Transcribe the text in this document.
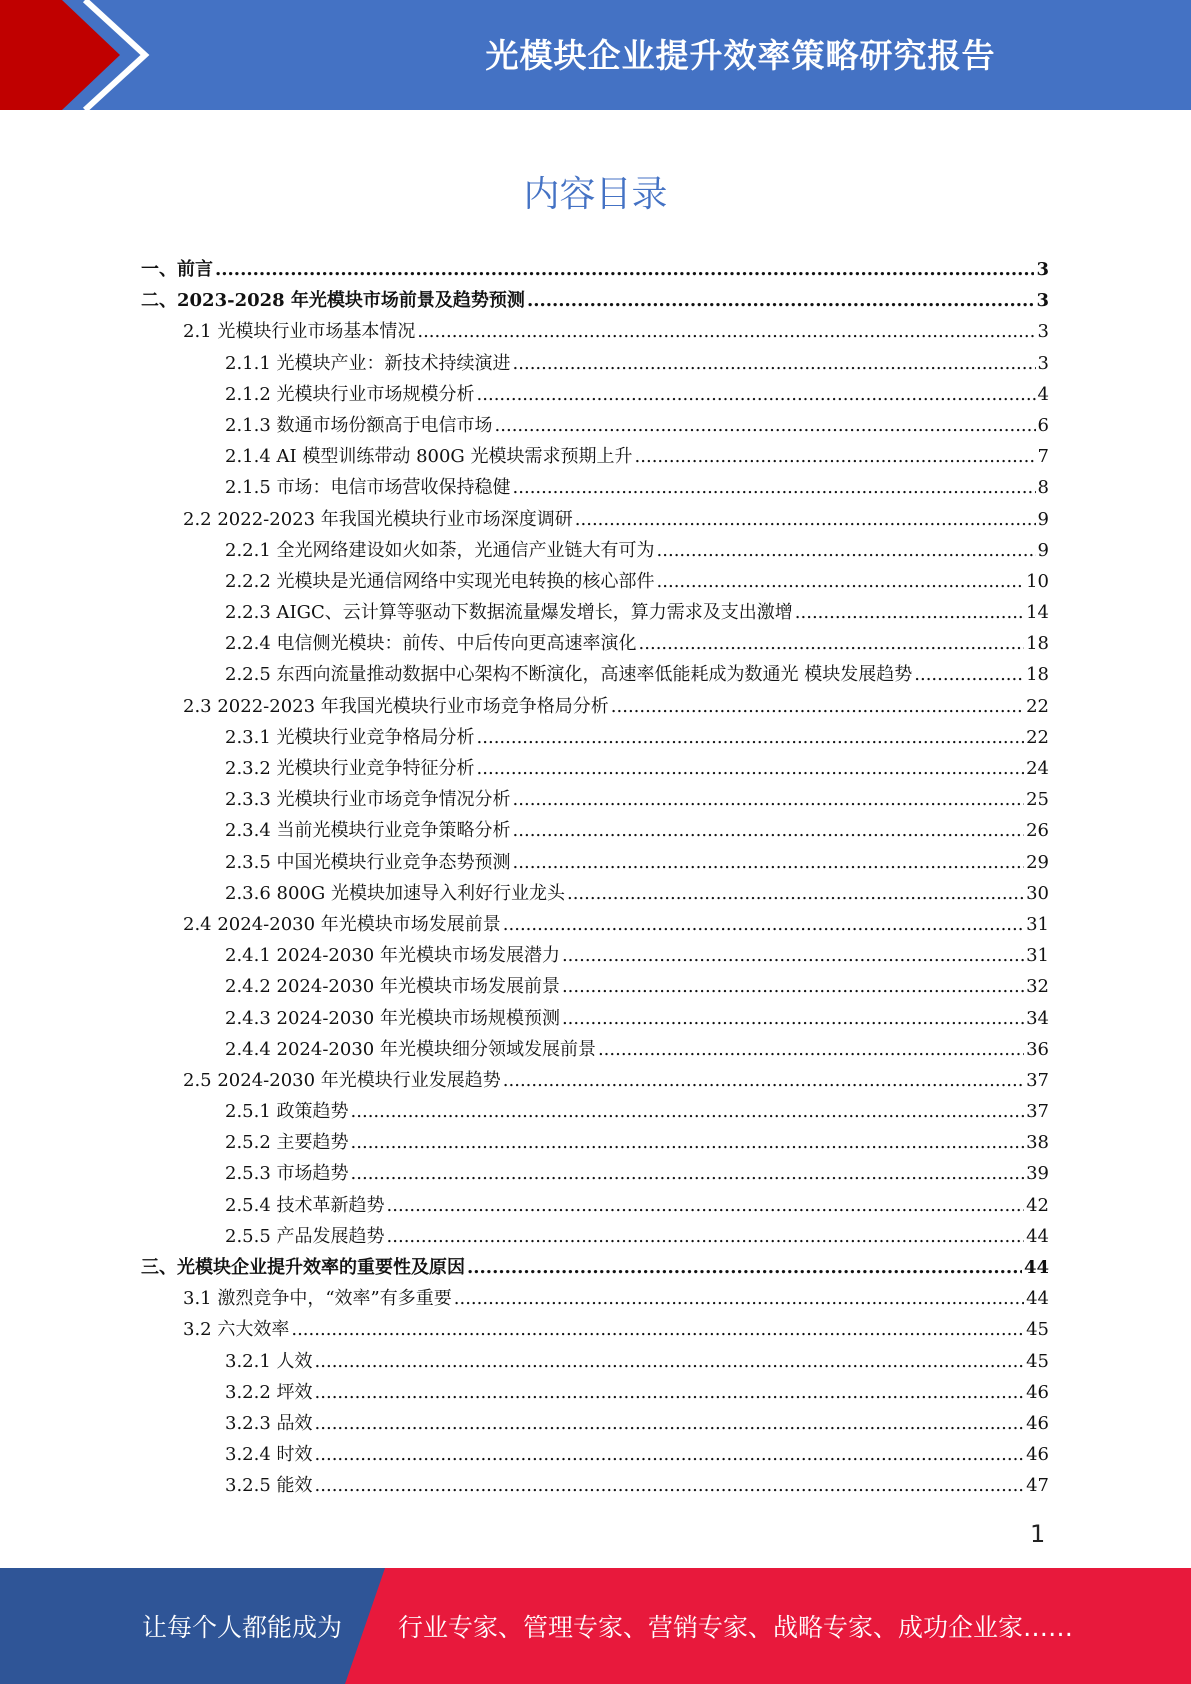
光模块企业提升效率策略研究报告
内容目录
一、前言 .....	3
二、2023-2028 年光模块市场前景及趋势预测 .....	3
2.1 光模块行业市场基本情况 .....	3
2.1.1 光模块产业：新技术持续演进 .....	3
2.1.2 光模块行业市场规模分析 .....	4
2.1.3 数通市场份额高于电信市场 .....	6
2.1.4 AI 模型训练带动 800G 光模块需求预期上升 .....	7
2.1.5 市场：电信市场营收保持稳健 .....	8
2.2 2022-2023 年我国光模块行业市场深度调研 .....	9
2.2.1 全光网络建设如火如荼，光通信产业链大有可为 .....	9
2.2.2 光模块是光通信网络中实现光电转换的核心部件 .....	10
2.2.3 AIGC、云计算等驱动下数据流量爆发增长，算力需求及支出激增 .....	14
2.2.4 电信侧光模块：前传、中后传向更高速率演化 .....	18
2.2.5 东西向流量推动数据中心架构不断演化，高速率低能耗成为数通光 模块发展趋势 .....	18
2.3 2022-2023 年我国光模块行业市场竞争格局分析 .....	22
2.3.1 光模块行业竞争格局分析 .....	22
2.3.2 光模块行业竞争特征分析 .....	24
2.3.3 光模块行业市场竞争情况分析 .....	25
2.3.4 当前光模块行业竞争策略分析 .....	26
2.3.5 中国光模块行业竞争态势预测 .....	29
2.3.6 800G 光模块加速导入利好行业龙头 .....	30
2.4 2024-2030 年光模块市场发展前景 .....	31
2.4.1 2024-2030 年光模块市场发展潜力 .....	31
2.4.2 2024-2030 年光模块市场发展前景 .....	32
2.4.3 2024-2030 年光模块市场规模预测 .....	34
2.4.4 2024-2030 年光模块细分领域发展前景 .....	36
2.5 2024-2030 年光模块行业发展趋势 .....	37
2.5.1 政策趋势 .....	37
2.5.2 主要趋势 .....	38
2.5.3 市场趋势 .....	39
2.5.4 技术革新趋势 .....	42
2.5.5 产品发展趋势 .....	44
三、光模块企业提升效率的重要性及原因 .....	44
3.1 激烈竞争中，“效率”有多重要 .....	44
3.2 六大效率 .....	45
3.2.1 人效 .....	45
3.2.2 坪效 .....	46
3.2.3 品效 .....	46
3.2.4 时效 .....	46
3.2.5 能效 .....	47
1
让每个人都能成为 行业专家、管理专家、营销专家、战略专家、成功企业家……
